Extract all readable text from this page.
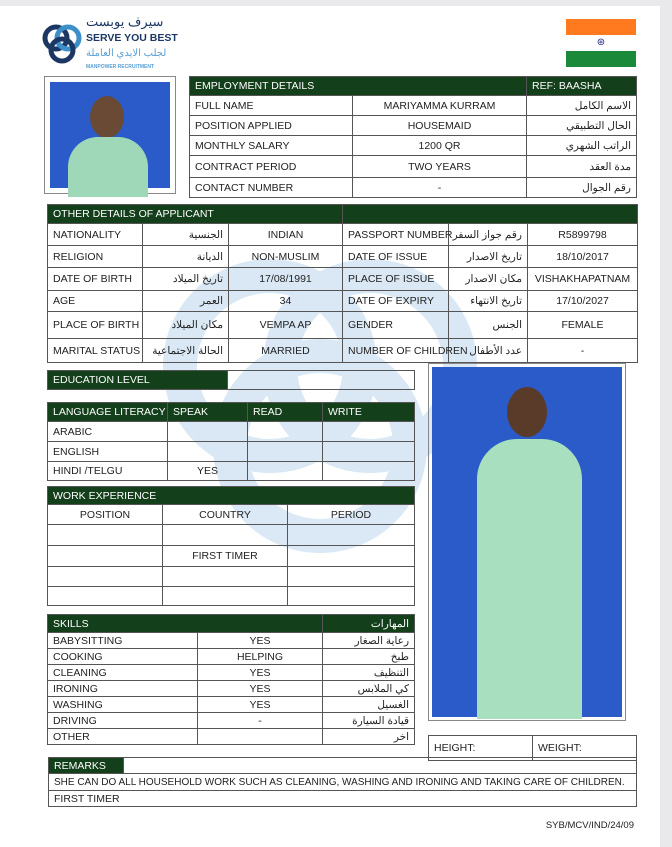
سيرف يوبست
SERVE YOU BEST
لجلب الايدي العاملة
MANPOWER RECRUITMENT
⊛
EMPLOYMENT DETAILS		REF: BAASHA
FULL NAME	MARIYAMMA KURRAM	الاسم الكامل
POSITION APPLIED	HOUSEMAID	الحال التطبيقي
MONTHLY SALARY	1200 QR	الراتب الشهري
CONTRACT PERIOD	TWO YEARS	مدة العقد
CONTACT NUMBER	-	رقم الجوال
OTHER DETAILS OF APPLICANT					
NATIONALITY	الجنسية	INDIAN	PASSPORT NUMBER	رقم جواز السفر	R5899798
RELIGION	الديانة	NON-MUSLIM	DATE OF ISSUE	تاريخ الاصدار	18/10/2017
DATE OF BIRTH	تاريخ الميلاد	17/08/1991	PLACE OF ISSUE	مكان الاصدار	VISHAKHAPATNAM
AGE	العمر	34	DATE OF EXPIRY	تاريخ الانتهاء	17/10/2027
PLACE OF BIRTH	مكان الميلاد	VEMPA AP	GENDER	الجنس	FEMALE
MARITAL STATUS	الحالة الاجتماعية	MARRIED	NUMBER OF CHILDREN	عدد الأطفال	-
EDUCATION LEVEL	
LANGUAGE LITERACY	SPEAK	READ	WRITE
ARABIC			
ENGLISH			
HINDI /TELGU	YES		
WORK EXPERIENCE		
POSITION	COUNTRY	PERIOD

	FIRST TIMER	

SKILLS		المهارات
BABYSITTING	YES	رعاية الصغار
COOKING	HELPING	طبخ
CLEANING	YES	التنظيف
IRONING	YES	كي الملابس
WASHING	YES	الغسيل
DRIVING	-	قيادة السيارة
OTHER		اخر
HEIGHT:	WEIGHT:
REMARKS	
SHE CAN DO ALL HOUSEHOLD WORK SUCH AS CLEANING, WASHING AND IRONING AND TAKING CARE OF CHILDREN.
FIRST TIMER
SYB/MCV/IND/24/09
